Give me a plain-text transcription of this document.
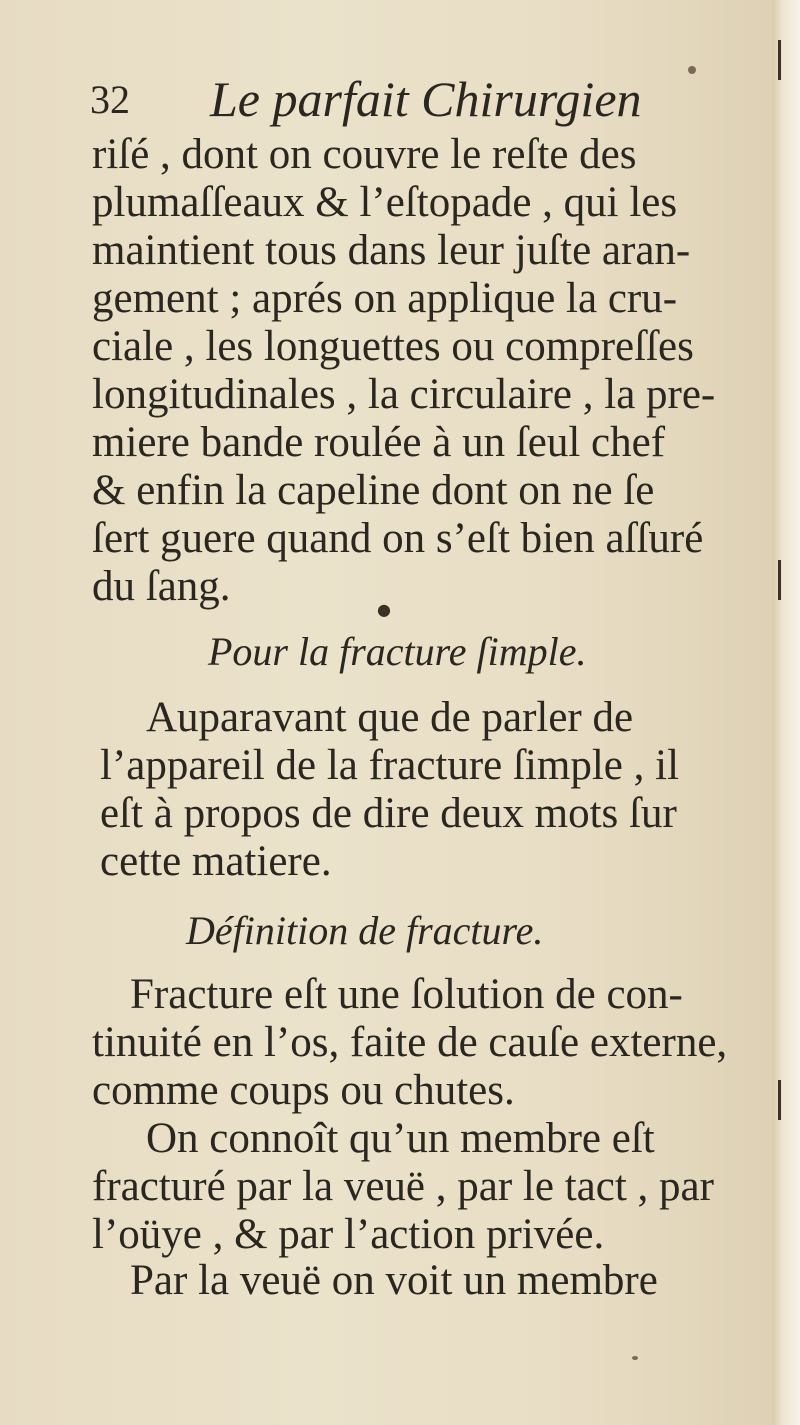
32 Le parfait Chirurgien
riſé , dont on couvre le reſte des
plumaſſeaux & l’eſtopade , qui les
maintient tous dans leur juſte aran-
gement ; aprés on applique la cru-
ciale , les longuettes ou compreſſes
longitudinales , la circulaire , la pre-
miere bande roulée à un ſeul chef
& enfin la capeline dont on ne ſe
ſert guere quand on s’eſt bien aſſuré
du ſang.	●
Pour la fracture ſimple.
Auparavant que de parler de
l’appareil de la fracture ſimple , il
eſt à propos de dire deux mots ſur
cette matiere.
Définition de fracture.
Fracture eſt une ſolution de con-
tinuité en l’os, faite de cauſe externe,
comme coups ou chutes.
On connoît qu’un membre eſt
fracturé par la veuë , par le tact , par
l’oüye , & par l’action privée.
Par la veuë on voit un membre
